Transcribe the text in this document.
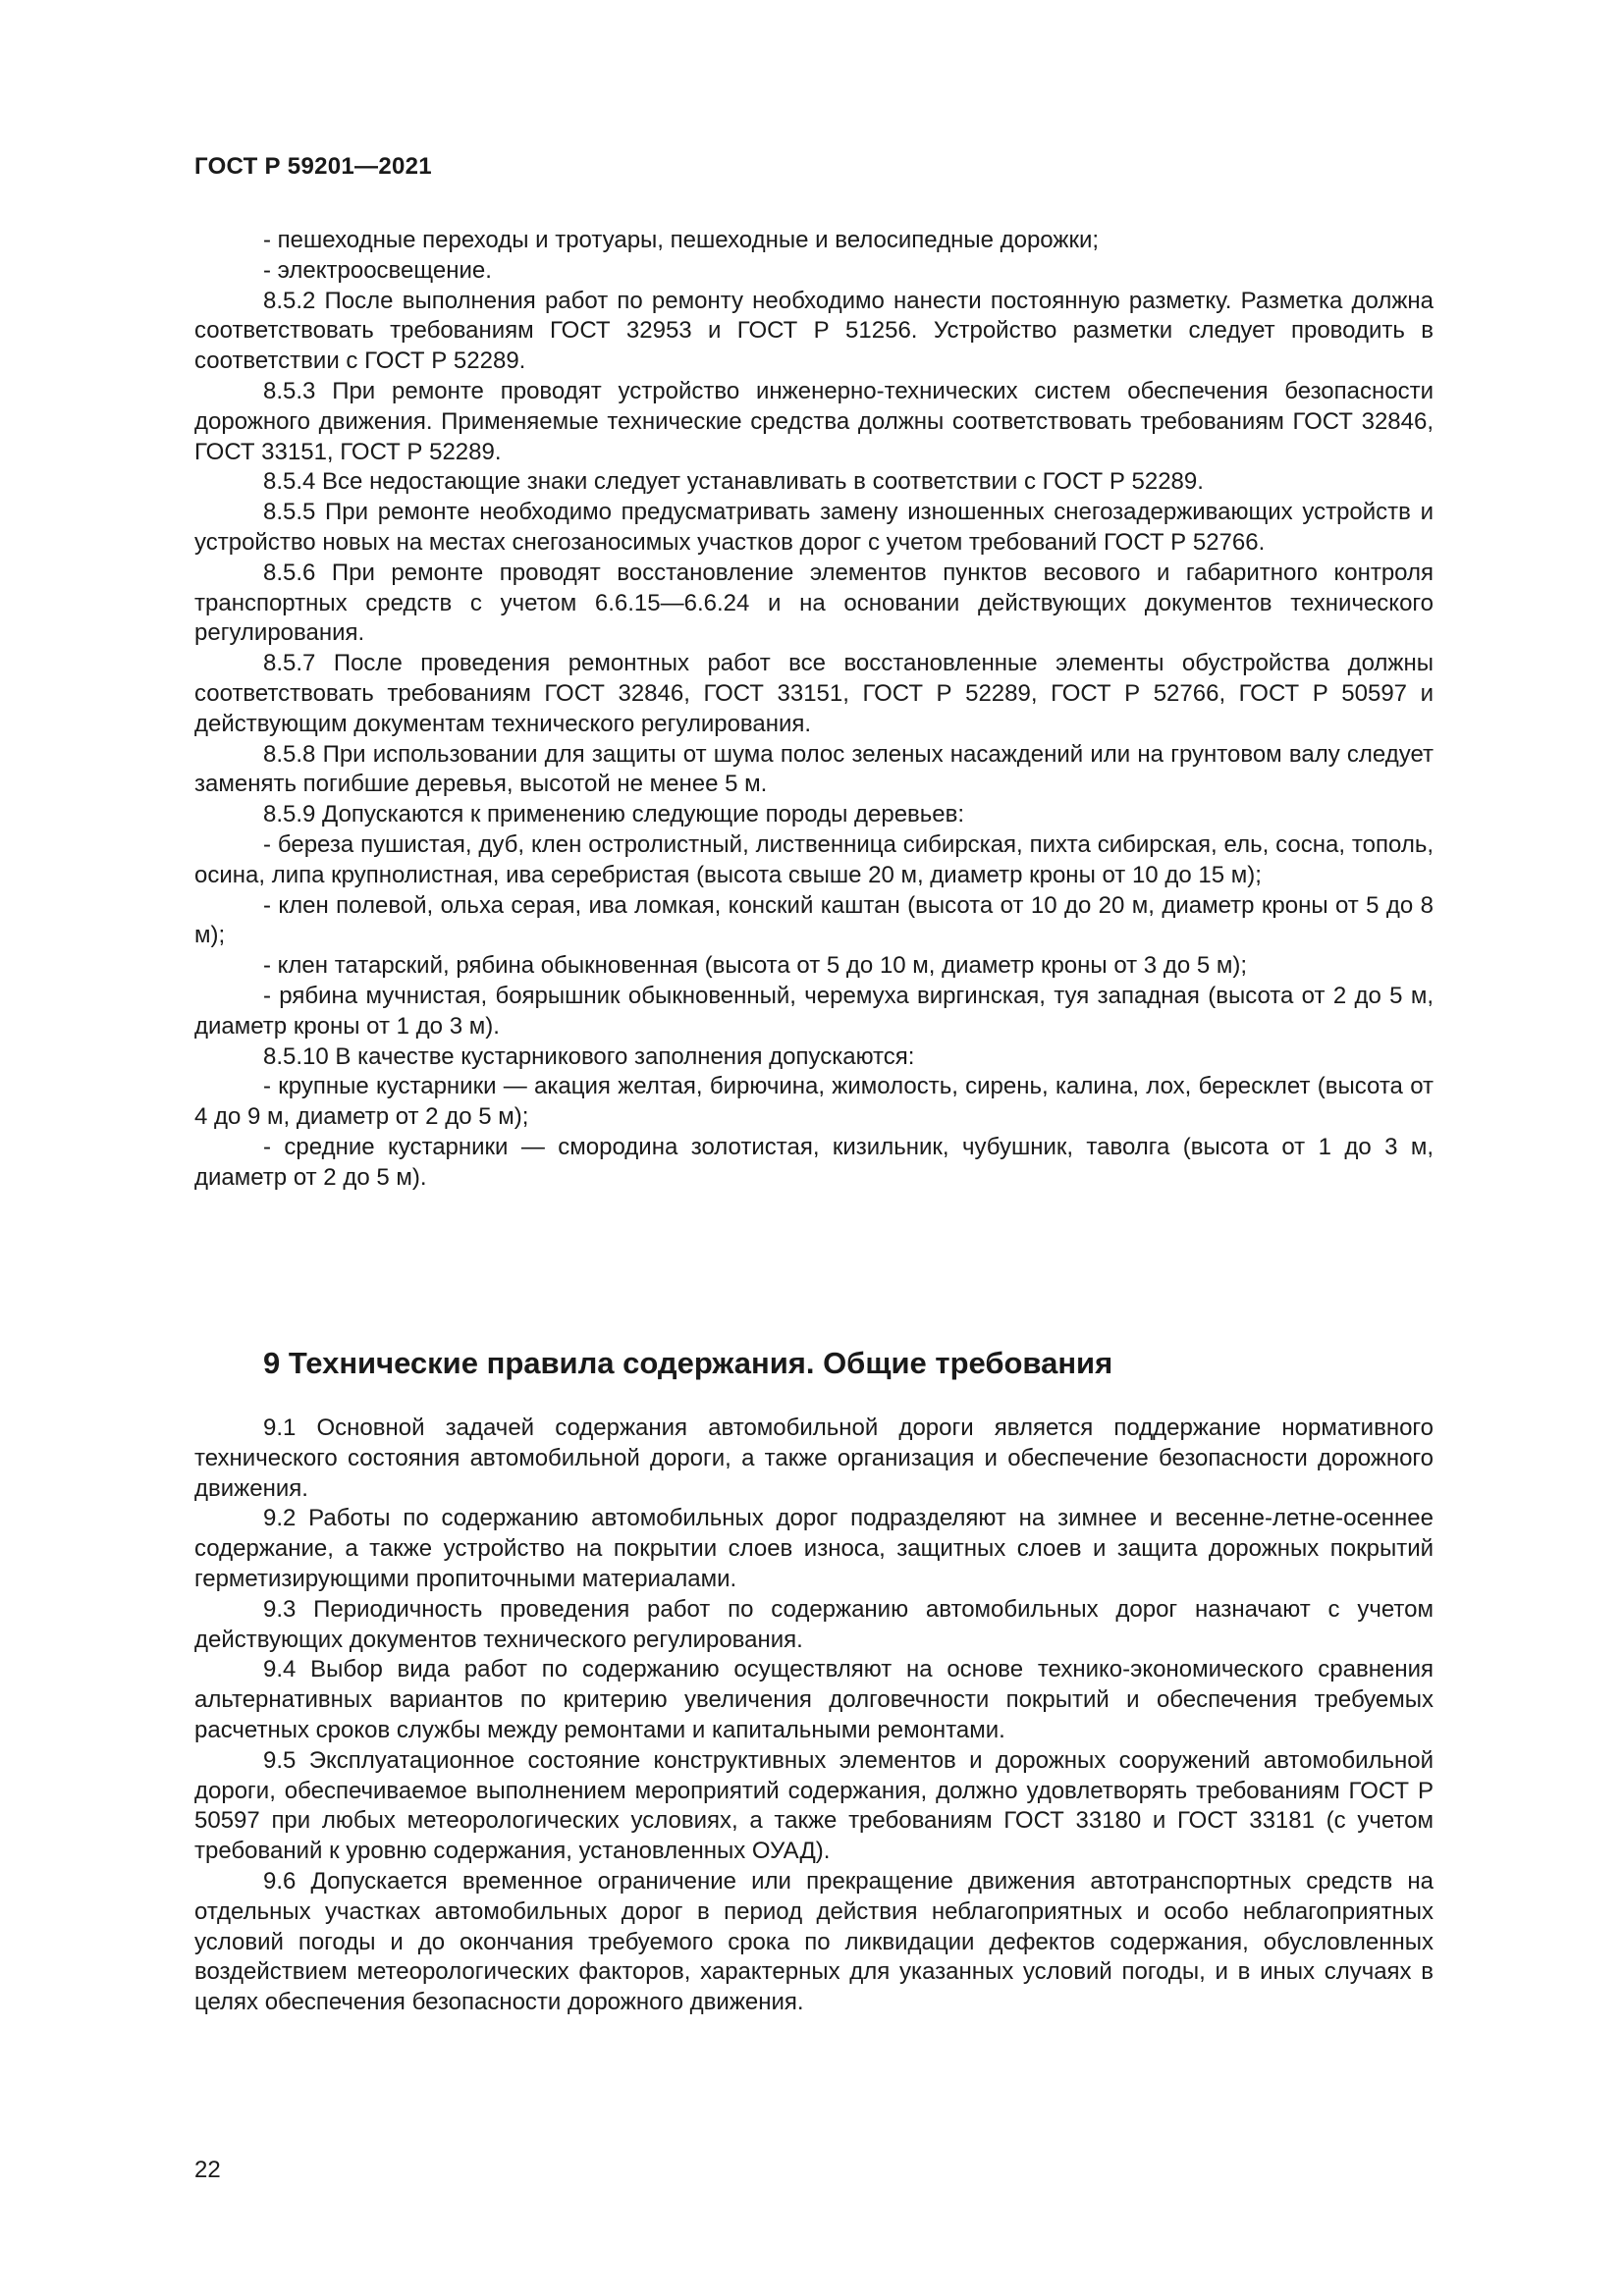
ГОСТ Р 59201—2021

- пешеходные переходы и тротуары, пешеходные и велосипедные дорожки;

- электроосвещение.

8.5.2 После выполнения работ по ремонту необходимо нанести постоянную разметку. Разметка должна соответствовать требованиям ГОСТ 32953 и ГОСТ Р 51256. Устройство разметки следует проводить в соответствии с ГОСТ Р 52289.

8.5.3 При ремонте проводят устройство инженерно-технических систем обеспечения безопасности дорожного движения. Применяемые технические средства должны соответствовать требованиям ГОСТ 32846, ГОСТ 33151, ГОСТ Р 52289.

8.5.4 Все недостающие знаки следует устанавливать в соответствии с ГОСТ Р 52289.

8.5.5 При ремонте необходимо предусматривать замену изношенных снегозадерживающих устройств и устройство новых на местах снегозаносимых участков дорог с учетом требований ГОСТ Р 52766.

8.5.6 При ремонте проводят восстановление элементов пунктов весового и габаритного контроля транспортных средств с учетом 6.6.15—6.6.24 и на основании действующих документов технического регулирования.

8.5.7 После проведения ремонтных работ все восстановленные элементы обустройства должны соответствовать требованиям ГОСТ 32846, ГОСТ 33151, ГОСТ Р 52289, ГОСТ Р 52766, ГОСТ Р 50597 и действующим документам технического регулирования.

8.5.8 При использовании для защиты от шума полос зеленых насаждений или на грунтовом валу следует заменять погибшие деревья, высотой не менее 5 м.

8.5.9 Допускаются к применению следующие породы деревьев:

- береза пушистая, дуб, клен остролистный, лиственница сибирская, пихта сибирская, ель, сосна, тополь, осина, липа крупнолистная, ива серебристая (высота свыше 20 м, диаметр кроны от 10 до 15 м);

- клен полевой, ольха серая, ива ломкая, конский каштан (высота от 10 до 20 м, диаметр кроны от 5 до 8 м);

- клен татарский, рябина обыкновенная (высота от 5 до 10 м, диаметр кроны от 3 до 5 м);

- рябина мучнистая, боярышник обыкновенный, черемуха виргинская, туя западная (высота от 2 до 5 м, диаметр кроны от 1 до 3 м).

8.5.10 В качестве кустарникового заполнения допускаются:

- крупные кустарники — акация желтая, бирючина, жимолость, сирень, калина, лох, бересклет (высота от 4 до 9 м, диаметр от 2 до 5 м);

- средние кустарники — смородина золотистая, кизильник, чубушник, таволга (высота от 1 до 3 м, диаметр от 2 до 5 м).

9 Технические правила содержания. Общие требования

9.1 Основной задачей содержания автомобильной дороги является поддержание нормативного технического состояния автомобильной дороги, а также организация и обеспечение безопасности дорожного движения.

9.2 Работы по содержанию автомобильных дорог подразделяют на зимнее и весенне-летне-осеннее содержание, а также устройство на покрытии слоев износа, защитных слоев и защита дорожных покрытий герметизирующими пропиточными материалами.

9.3 Периодичность проведения работ по содержанию автомобильных дорог назначают с учетом действующих документов технического регулирования.

9.4 Выбор вида работ по содержанию осуществляют на основе технико-экономического сравнения альтернативных вариантов по критерию увеличения долговечности покрытий и обеспечения требуемых расчетных сроков службы между ремонтами и капитальными ремонтами.

9.5 Эксплуатационное состояние конструктивных элементов и дорожных сооружений автомобильной дороги, обеспечиваемое выполнением мероприятий содержания, должно удовлетворять требованиям ГОСТ Р 50597 при любых метеорологических условиях, а также требованиям ГОСТ 33180 и ГОСТ 33181 (с учетом требований к уровню содержания, установленных ОУАД).

9.6 Допускается временное ограничение или прекращение движения автотранспортных средств на отдельных участках автомобильных дорог в период действия неблагоприятных и особо неблагоприятных условий погоды и до окончания требуемого срока по ликвидации дефектов содержания, обусловленных воздействием метеорологических факторов, характерных для указанных условий погоды, и в иных случаях в целях обеспечения безопасности дорожного движения.

22
